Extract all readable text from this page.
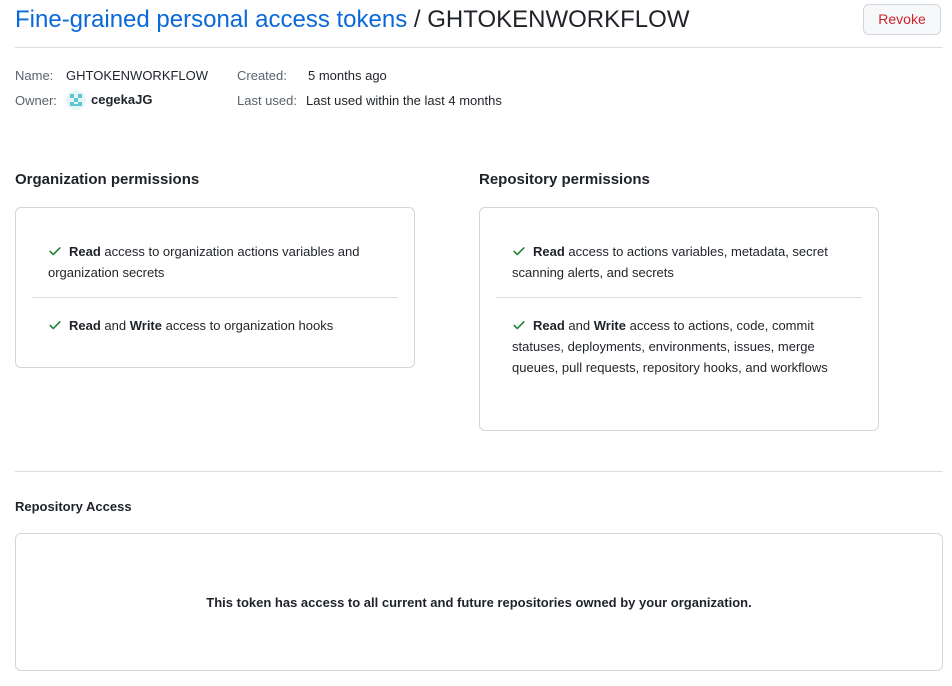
Fine-grained personal access tokens / GHTOKENWORKFLOW	Revoke
Name: GHTOKENWORKFLOW
Owner:	cegekaJG
Created: 5 months ago
Last used: Last used within the last 4 months
Organization permissions
Read access to organization actions variables and organization secrets
Read and Write access to organization hooks
Repository permissions
Read access to actions variables, metadata, secret scanning alerts, and secrets
Read and Write access to actions, code, commit statuses, deployments, environments, issues, merge queues, pull requests, repository hooks, and workflows
Repository Access
This token has access to all current and future repositories owned by your organization.
